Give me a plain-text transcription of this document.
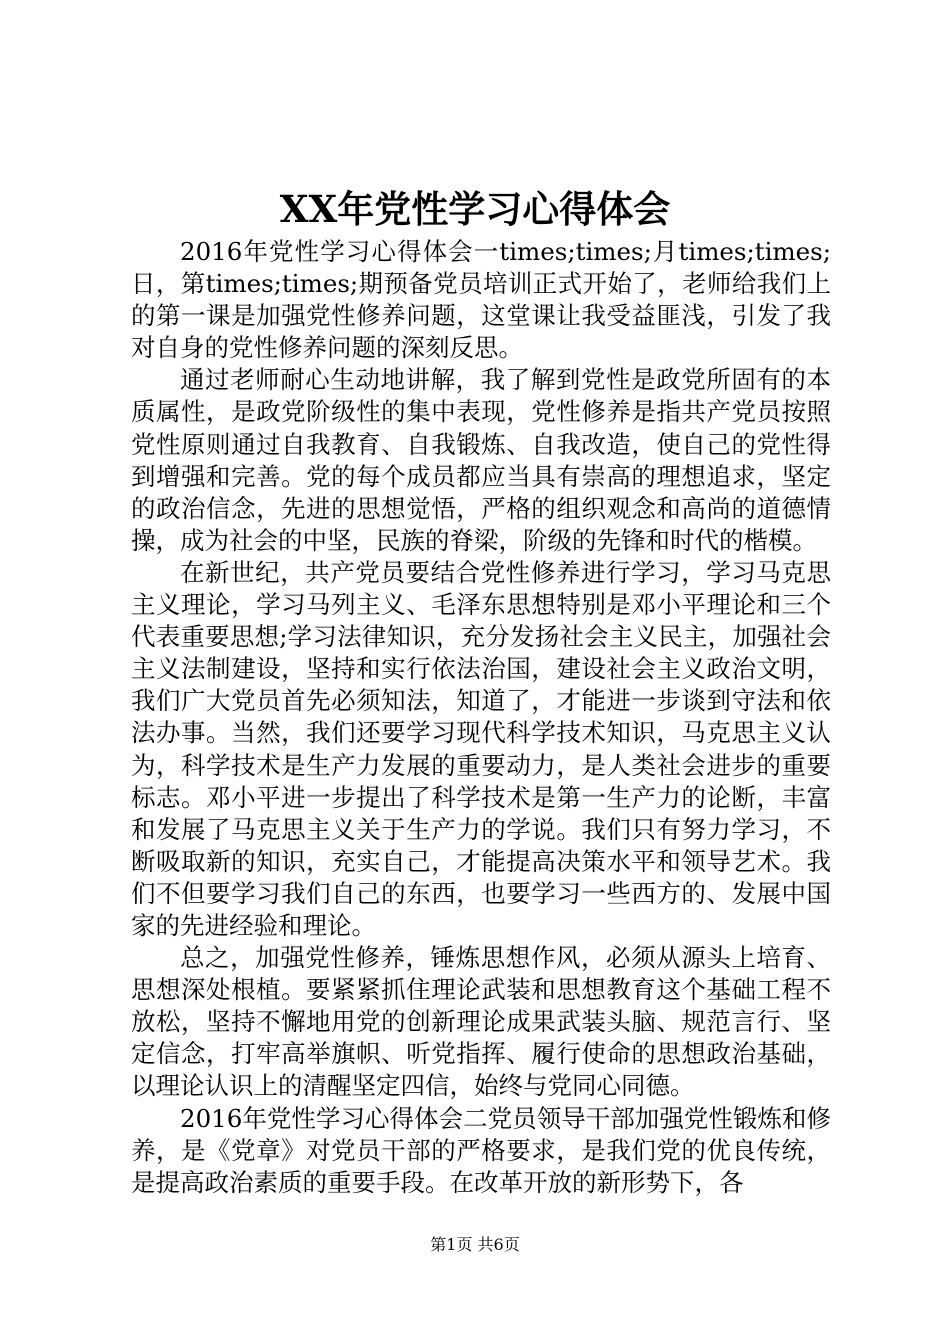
XX年党性学习心得体会

2016年党性学习心得体会一times;times;月times;times;日，第times;times;期预备党员培训正式开始了，老师给我们上的第一课是加强党性修养问题，这堂课让我受益匪浅，引发了我对自身的党性修养问题的深刻反思。

通过老师耐心生动地讲解，我了解到党性是政党所固有的本质属性，是政党阶级性的集中表现，党性修养是指共产党员按照党性原则通过自我教育、自我锻炼、自我改造，使自己的党性得到增强和完善。党的每个成员都应当具有崇高的理想追求，坚定的政治信念，先进的思想觉悟，严格的组织观念和高尚的道德情操，成为社会的中坚，民族的脊梁，阶级的先锋和时代的楷模。

在新世纪，共产党员要结合党性修养进行学习，学习马克思主义理论，学习马列主义、毛泽东思想特别是邓小平理论和三个代表重要思想;学习法律知识，充分发扬社会主义民主，加强社会主义法制建设，坚持和实行依法治国，建设社会主义政治文明，我们广大党员首先必须知法，知道了，才能进一步谈到守法和依法办事。当然，我们还要学习现代科学技术知识，马克思主义认为，科学技术是生产力发展的重要动力，是人类社会进步的重要标志。邓小平进一步提出了科学技术是第一生产力的论断，丰富和发展了马克思主义关于生产力的学说。我们只有努力学习，不断吸取新的知识，充实自己，才能提高决策水平和领导艺术。我们不但要学习我们自己的东西，也要学习一些西方的、发展中国家的先进经验和理论。

总之，加强党性修养，锤炼思想作风，必须从源头上培育、思想深处根植。要紧紧抓住理论武装和思想教育这个基础工程不放松，坚持不懈地用党的创新理论成果武装头脑、规范言行、坚定信念，打牢高举旗帜、听党指挥、履行使命的思想政治基础，以理论认识上的清醒坚定四信，始终与党同心同德。

2016年党性学习心得体会二党员领导干部加强党性锻炼和修养，是《党章》对党员干部的严格要求，是我们党的优良传统，是提高政治素质的重要手段。在改革开放的新形势下，各

第1页 共6页
